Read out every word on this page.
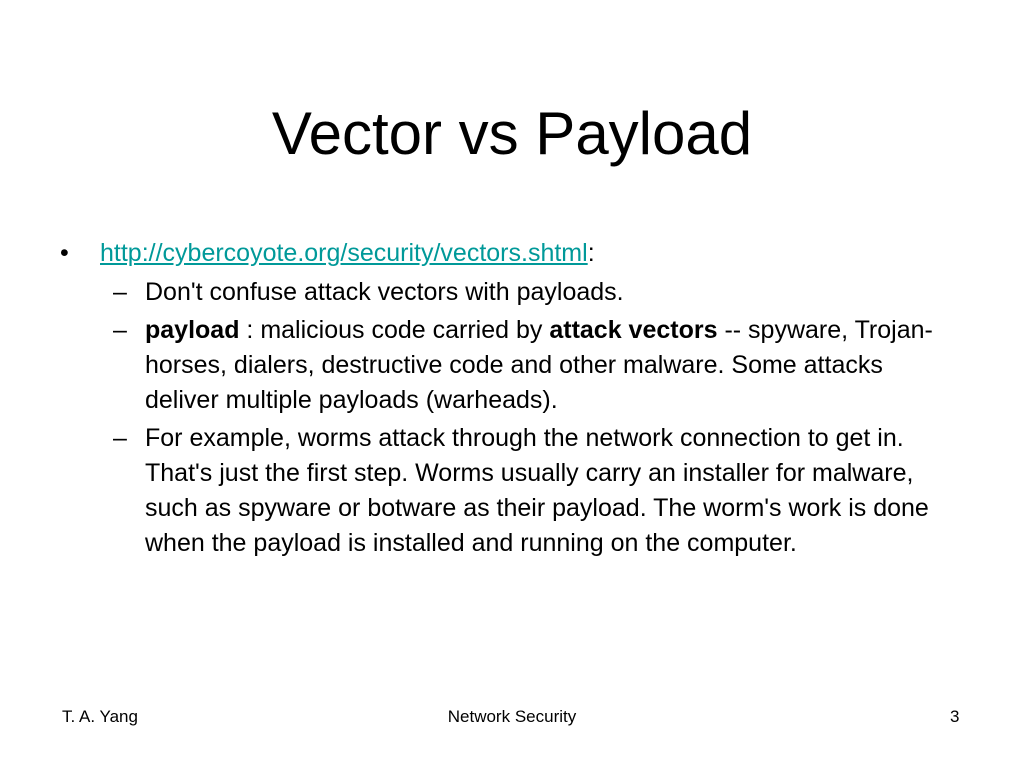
Vector vs Payload
•	http://cybercoyote.org/security/vectors.shtml:
– Don't confuse attack vectors with payloads.
– payload : malicious code carried by attack vectors -- spyware, Trojan-horses, dialers, destructive code and other malware. Some attacks deliver multiple payloads (warheads).
– For example, worms attack through the network connection to get in. That's just the first step. Worms usually carry an installer for malware, such as spyware or botware as their payload. The worm's work is done when the payload is installed and running on the computer.
T. A. Yang	Network Security	3
